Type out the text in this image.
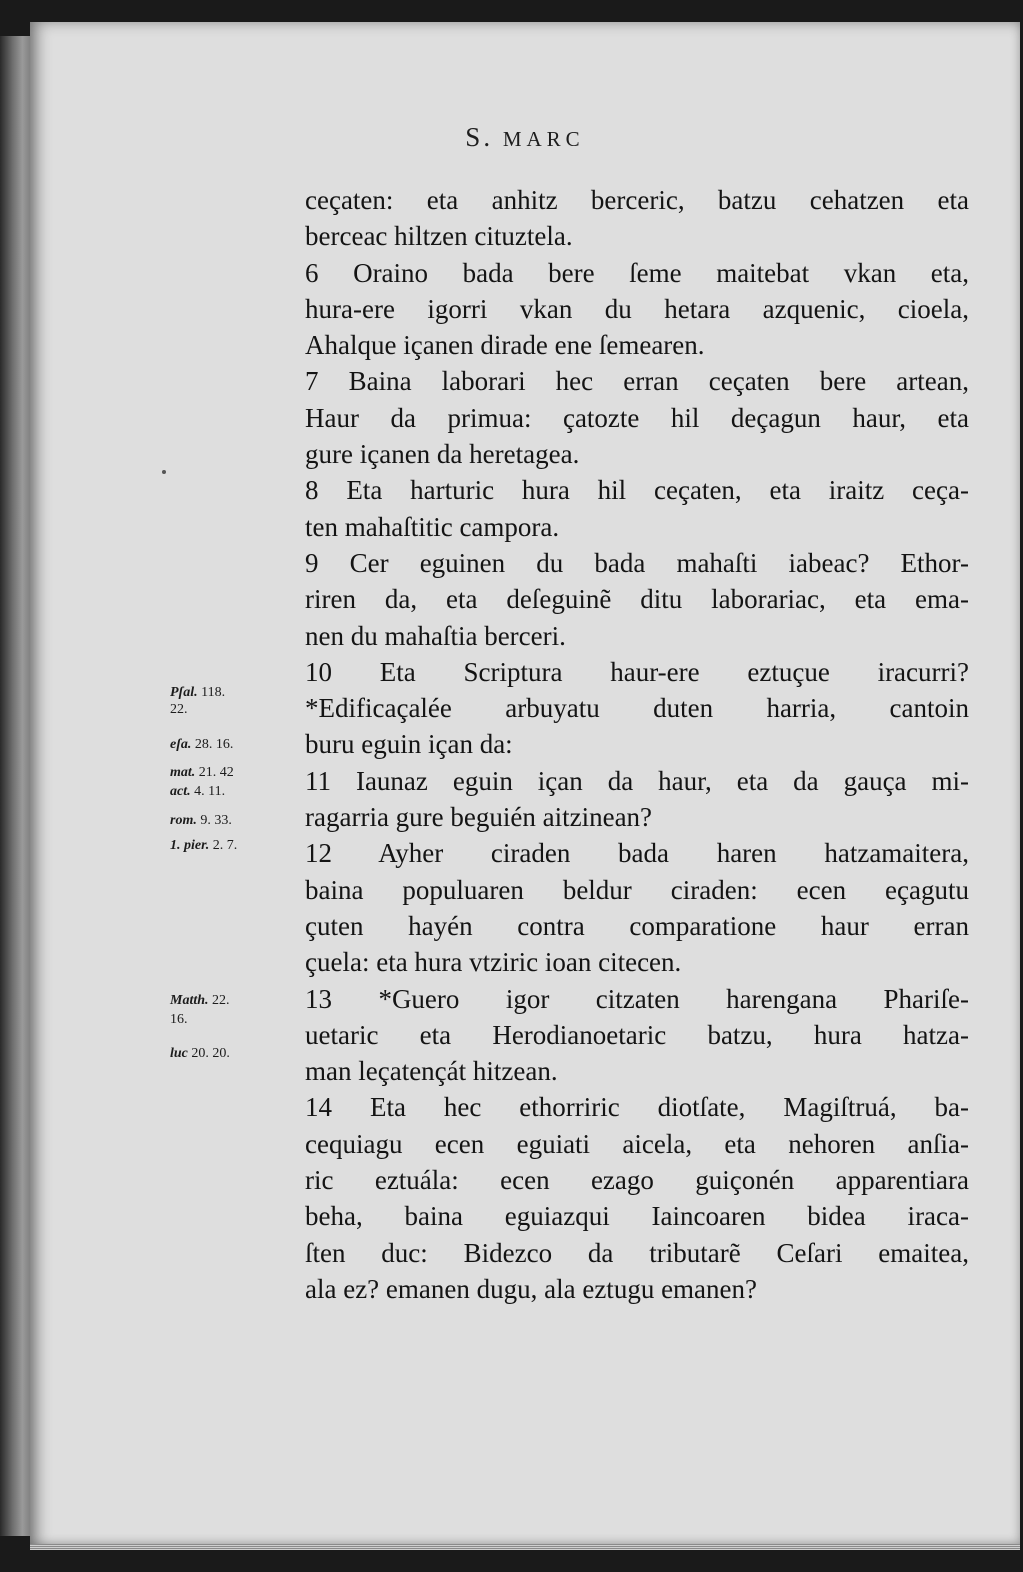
S. MARC
ceçaten: eta anhitz berceric, batzu cehatzen eta
berceac hiltzen cituztela.
6 Oraino bada bere ſeme maitebat vkan eta,
hura-ere igorri vkan du hetara azquenic, cioela,
Ahalque içanen dirade ene ſemearen.
7 Baina laborari hec erran ceçaten bere artean,
Haur da primua: çatozte hil deçagun haur, eta
gure içanen da heretagea.
8 Eta harturic hura hil ceçaten, eta iraitz ceça-
ten mahaſtitic campora.
9 Cer eguinen du bada mahaſti iabeac? Ethor-
riren da, eta deſeguinẽ ditu laborariac, eta ema-
nen du mahaſtia berceri.
10 Eta Scriptura haur-ere eztuçue iracurri?
*Edificaçalée arbuyatu duten harria, cantoin
buru eguin içan da:
11 Iaunaz eguin içan da haur, eta da gauça mi-
ragarria gure beguién aitzinean?
12 Ayher ciraden bada haren hatzamaitera,
baina populuaren beldur ciraden: ecen eçagutu
çuten hayén contra comparatione haur erran
çuela: eta hura vtziric ioan citecen.
13 *Guero igor citzaten harengana Phariſe-
uetaric eta Herodianoetaric batzu, hura hatza-
man leçatençát hitzean.
14 Eta hec ethorriric diotſate, Magiſtruá, ba-
cequiagu ecen eguiati aicela, eta nehoren anſia-
ric eztuála: ecen ezago guiçonén apparentiara
beha, baina eguiazqui Iaincoaren bidea iraca-
ſten duc: Bidezco da tributarẽ Ceſari emaitea,
ala ez? emanen dugu, ala eztugu emanen?
Pſal. 118.
22.
eſa. 28. 16.
mat. 21. 42
act. 4. 11.
rom. 9. 33.
1. pier. 2. 7.
Matth. 22.
16.
luc 20. 20.
